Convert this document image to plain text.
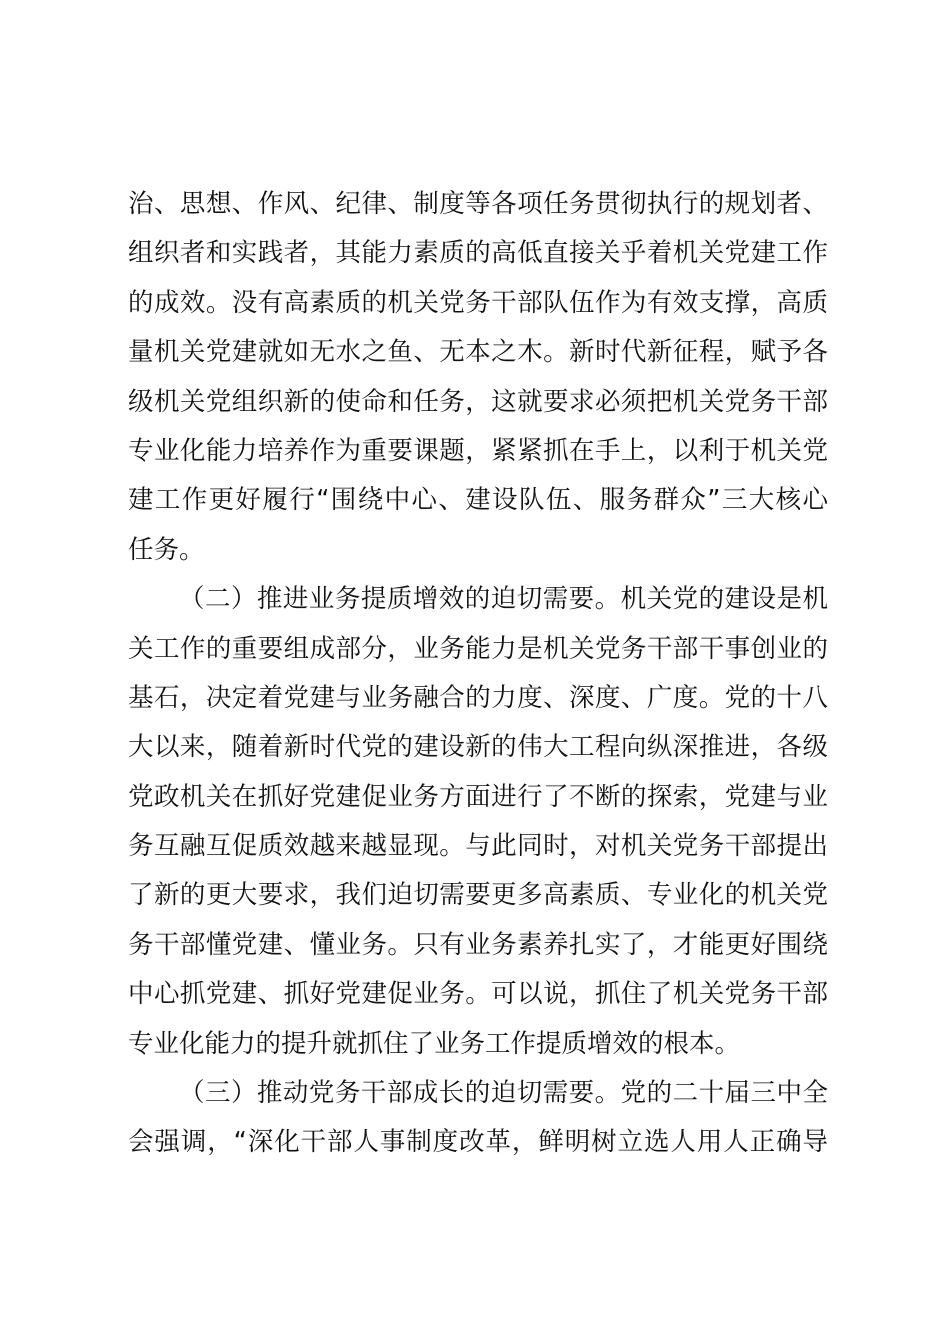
治、思想、作风、纪律、制度等各项任务贯彻执行的规划者、
组织者和实践者，其能力素质的高低直接关乎着机关党建工作
的成效。没有高素质的机关党务干部队伍作为有效支撑，高质
量机关党建就如无水之鱼、无本之木。新时代新征程，赋予各
级机关党组织新的使命和任务，这就要求必须把机关党务干部
专业化能力培养作为重要课题，紧紧抓在手上，以利于机关党
建工作更好履行“围绕中心、建设队伍、服务群众”三大核心
任务。
（二）推进业务提质增效的迫切需要。机关党的建设是机
关工作的重要组成部分，业务能力是机关党务干部干事创业的
基石，决定着党建与业务融合的力度、深度、广度。党的十八
大以来，随着新时代党的建设新的伟大工程向纵深推进，各级
党政机关在抓好党建促业务方面进行了不断的探索，党建与业
务互融互促质效越来越显现。与此同时，对机关党务干部提出
了新的更大要求，我们迫切需要更多高素质、专业化的机关党
务干部懂党建、懂业务。只有业务素养扎实了，才能更好围绕
中心抓党建、抓好党建促业务。可以说，抓住了机关党务干部
专业化能力的提升就抓住了业务工作提质增效的根本。
（三）推动党务干部成长的迫切需要。党的二十届三中全
会强调，“深化干部人事制度改革，鲜明树立选人用人正确导
